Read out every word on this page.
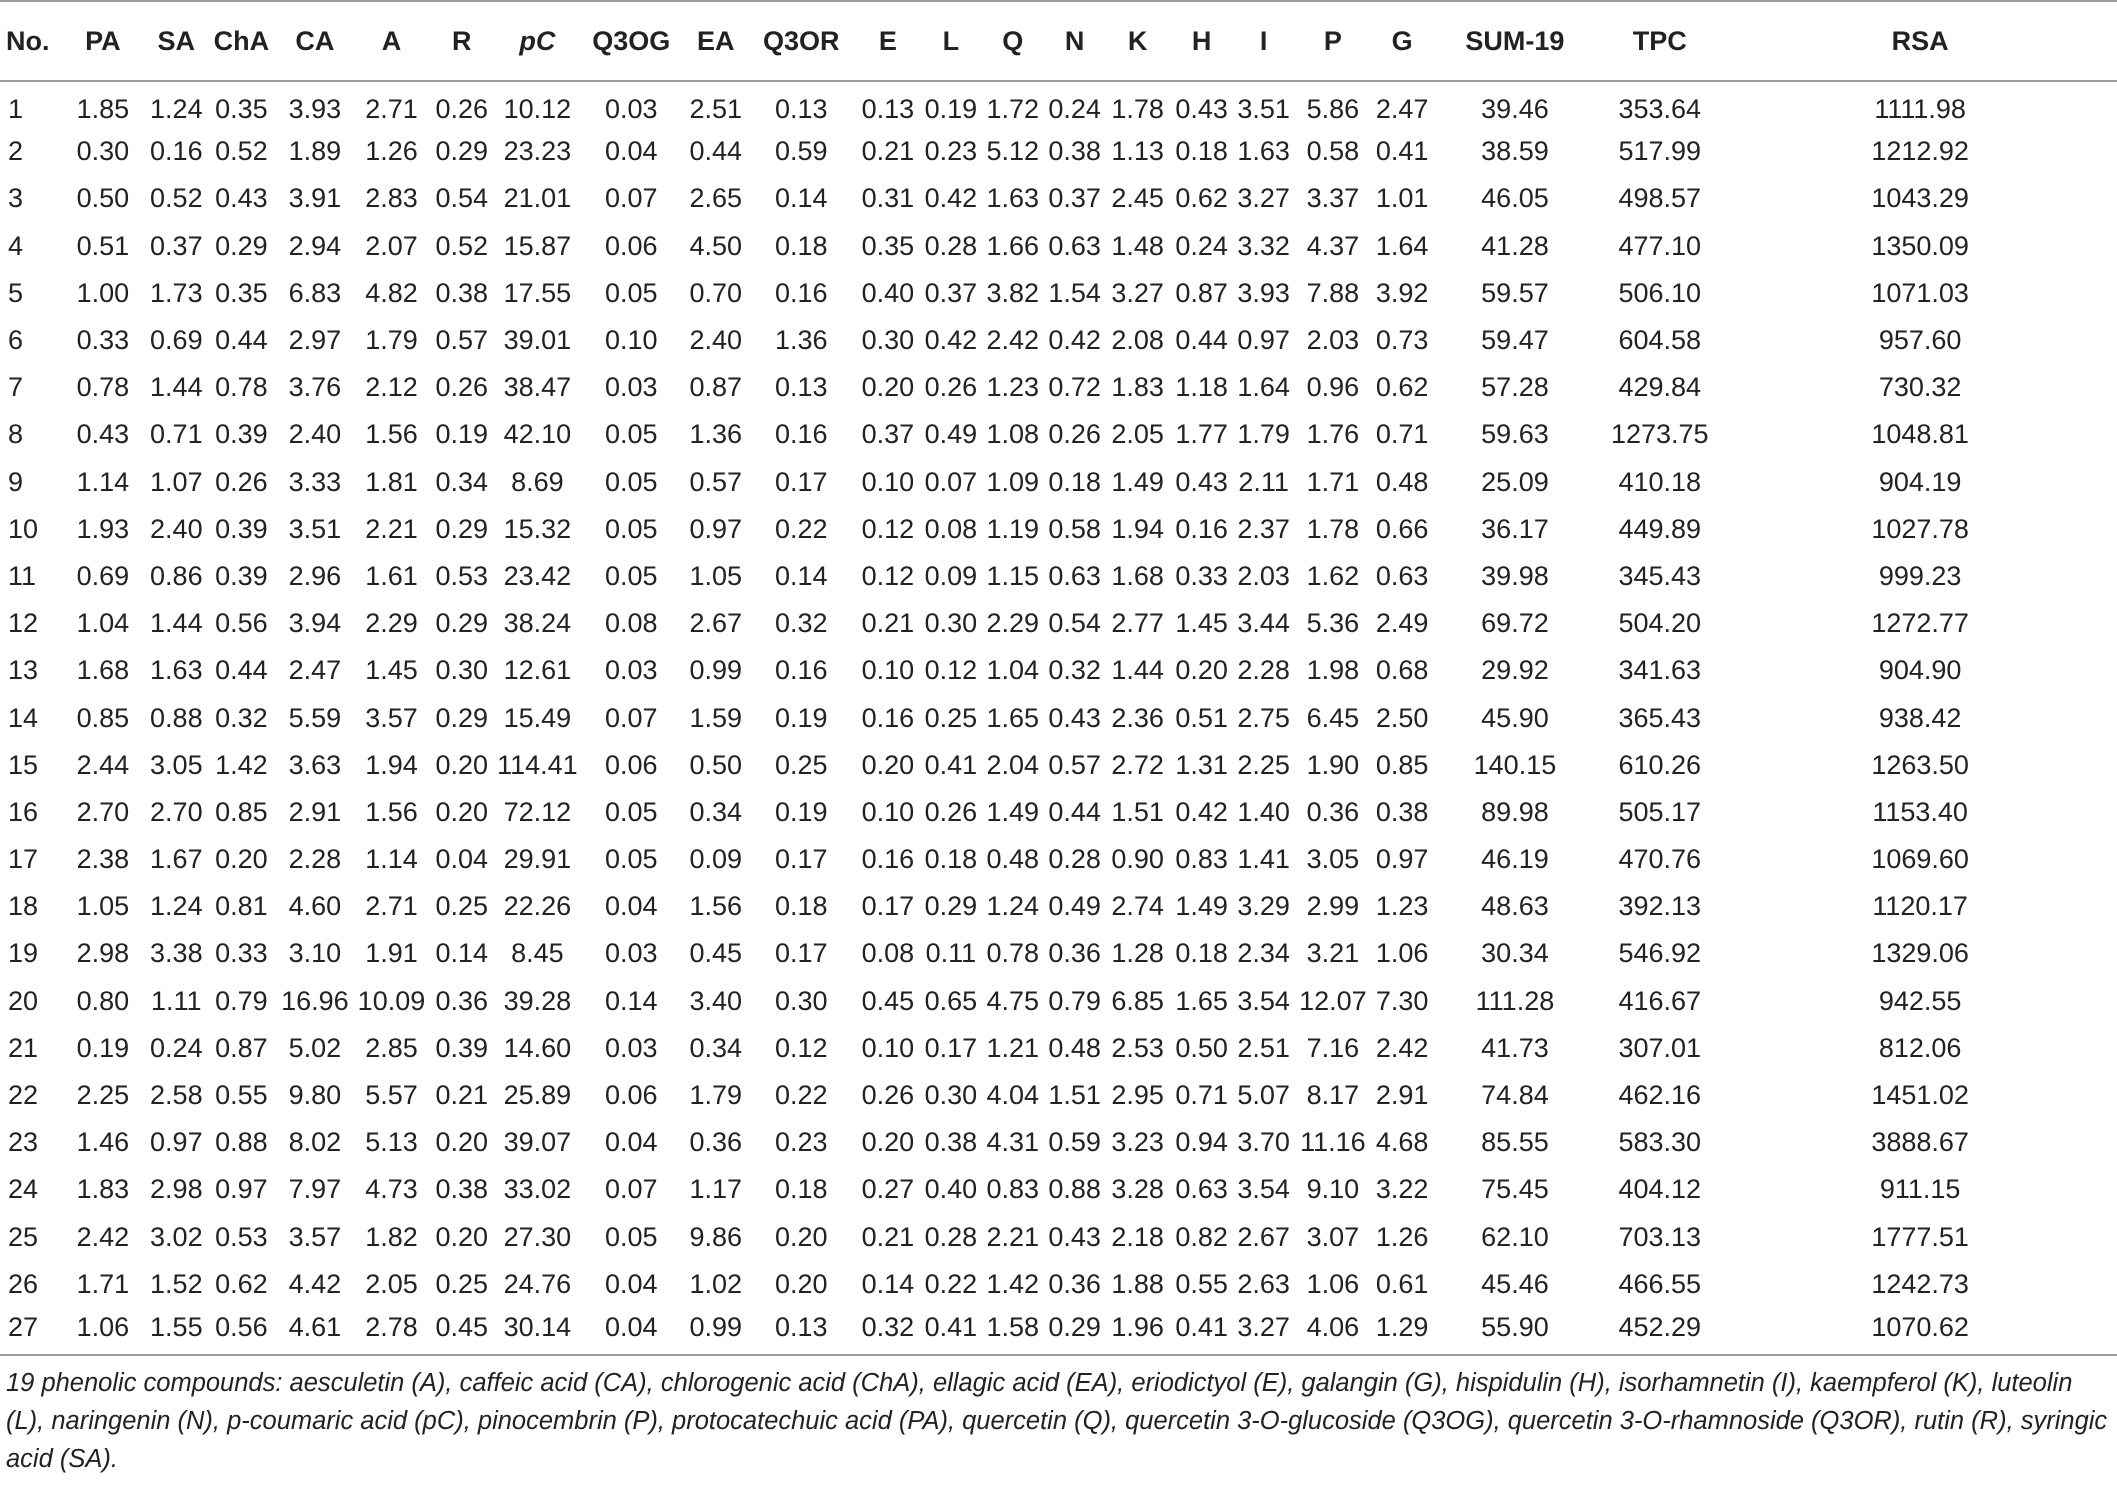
No.	PA	SA	ChA	CA	A	R	pC	Q3OG	EA	Q3OR	E	L	Q	N	K	H	I	P	G	SUM-19	TPC	RSA
1	1.85	1.24	0.35	3.93	2.71	0.26	10.12	0.03	2.51	0.13	0.13	0.19	1.72	0.24	1.78	0.43	3.51	5.86	2.47	39.46	353.64	1111.98
2	0.30	0.16	0.52	1.89	1.26	0.29	23.23	0.04	0.44	0.59	0.21	0.23	5.12	0.38	1.13	0.18	1.63	0.58	0.41	38.59	517.99	1212.92
3	0.50	0.52	0.43	3.91	2.83	0.54	21.01	0.07	2.65	0.14	0.31	0.42	1.63	0.37	2.45	0.62	3.27	3.37	1.01	46.05	498.57	1043.29
4	0.51	0.37	0.29	2.94	2.07	0.52	15.87	0.06	4.50	0.18	0.35	0.28	1.66	0.63	1.48	0.24	3.32	4.37	1.64	41.28	477.10	1350.09
5	1.00	1.73	0.35	6.83	4.82	0.38	17.55	0.05	0.70	0.16	0.40	0.37	3.82	1.54	3.27	0.87	3.93	7.88	3.92	59.57	506.10	1071.03
6	0.33	0.69	0.44	2.97	1.79	0.57	39.01	0.10	2.40	1.36	0.30	0.42	2.42	0.42	2.08	0.44	0.97	2.03	0.73	59.47	604.58	957.60
7	0.78	1.44	0.78	3.76	2.12	0.26	38.47	0.03	0.87	0.13	0.20	0.26	1.23	0.72	1.83	1.18	1.64	0.96	0.62	57.28	429.84	730.32
8	0.43	0.71	0.39	2.40	1.56	0.19	42.10	0.05	1.36	0.16	0.37	0.49	1.08	0.26	2.05	1.77	1.79	1.76	0.71	59.63	1273.75	1048.81
9	1.14	1.07	0.26	3.33	1.81	0.34	8.69	0.05	0.57	0.17	0.10	0.07	1.09	0.18	1.49	0.43	2.11	1.71	0.48	25.09	410.18	904.19
10	1.93	2.40	0.39	3.51	2.21	0.29	15.32	0.05	0.97	0.22	0.12	0.08	1.19	0.58	1.94	0.16	2.37	1.78	0.66	36.17	449.89	1027.78
11	0.69	0.86	0.39	2.96	1.61	0.53	23.42	0.05	1.05	0.14	0.12	0.09	1.15	0.63	1.68	0.33	2.03	1.62	0.63	39.98	345.43	999.23
12	1.04	1.44	0.56	3.94	2.29	0.29	38.24	0.08	2.67	0.32	0.21	0.30	2.29	0.54	2.77	1.45	3.44	5.36	2.49	69.72	504.20	1272.77
13	1.68	1.63	0.44	2.47	1.45	0.30	12.61	0.03	0.99	0.16	0.10	0.12	1.04	0.32	1.44	0.20	2.28	1.98	0.68	29.92	341.63	904.90
14	0.85	0.88	0.32	5.59	3.57	0.29	15.49	0.07	1.59	0.19	0.16	0.25	1.65	0.43	2.36	0.51	2.75	6.45	2.50	45.90	365.43	938.42
15	2.44	3.05	1.42	3.63	1.94	0.20	114.41	0.06	0.50	0.25	0.20	0.41	2.04	0.57	2.72	1.31	2.25	1.90	0.85	140.15	610.26	1263.50
16	2.70	2.70	0.85	2.91	1.56	0.20	72.12	0.05	0.34	0.19	0.10	0.26	1.49	0.44	1.51	0.42	1.40	0.36	0.38	89.98	505.17	1153.40
17	2.38	1.67	0.20	2.28	1.14	0.04	29.91	0.05	0.09	0.17	0.16	0.18	0.48	0.28	0.90	0.83	1.41	3.05	0.97	46.19	470.76	1069.60
18	1.05	1.24	0.81	4.60	2.71	0.25	22.26	0.04	1.56	0.18	0.17	0.29	1.24	0.49	2.74	1.49	3.29	2.99	1.23	48.63	392.13	1120.17
19	2.98	3.38	0.33	3.10	1.91	0.14	8.45	0.03	0.45	0.17	0.08	0.11	0.78	0.36	1.28	0.18	2.34	3.21	1.06	30.34	546.92	1329.06
20	0.80	1.11	0.79	16.96	10.09	0.36	39.28	0.14	3.40	0.30	0.45	0.65	4.75	0.79	6.85	1.65	3.54	12.07	7.30	111.28	416.67	942.55
21	0.19	0.24	0.87	5.02	2.85	0.39	14.60	0.03	0.34	0.12	0.10	0.17	1.21	0.48	2.53	0.50	2.51	7.16	2.42	41.73	307.01	812.06
22	2.25	2.58	0.55	9.80	5.57	0.21	25.89	0.06	1.79	0.22	0.26	0.30	4.04	1.51	2.95	0.71	5.07	8.17	2.91	74.84	462.16	1451.02
23	1.46	0.97	0.88	8.02	5.13	0.20	39.07	0.04	0.36	0.23	0.20	0.38	4.31	0.59	3.23	0.94	3.70	11.16	4.68	85.55	583.30	3888.67
24	1.83	2.98	0.97	7.97	4.73	0.38	33.02	0.07	1.17	0.18	0.27	0.40	0.83	0.88	3.28	0.63	3.54	9.10	3.22	75.45	404.12	911.15
25	2.42	3.02	0.53	3.57	1.82	0.20	27.30	0.05	9.86	0.20	0.21	0.28	2.21	0.43	2.18	0.82	2.67	3.07	1.26	62.10	703.13	1777.51
26	1.71	1.52	0.62	4.42	2.05	0.25	24.76	0.04	1.02	0.20	0.14	0.22	1.42	0.36	1.88	0.55	2.63	1.06	0.61	45.46	466.55	1242.73
27	1.06	1.55	0.56	4.61	2.78	0.45	30.14	0.04	0.99	0.13	0.32	0.41	1.58	0.29	1.96	0.41	3.27	4.06	1.29	55.90	452.29	1070.62

19 phenolic compounds: aesculetin (A), caffeic acid (CA), chlorogenic acid (ChA), ellagic acid (EA), eriodictyol (E), galangin (G), hispidulin (H), isorhamnetin (I), kaempferol (K), luteolin (L), naringenin (N), p-coumaric acid (pC), pinocembrin (P), protocatechuic acid (PA), quercetin (Q), quercetin 3-O-glucoside (Q3OG), quercetin 3-O-rhamnoside (Q3OR), rutin (R), syringic acid (SA).
